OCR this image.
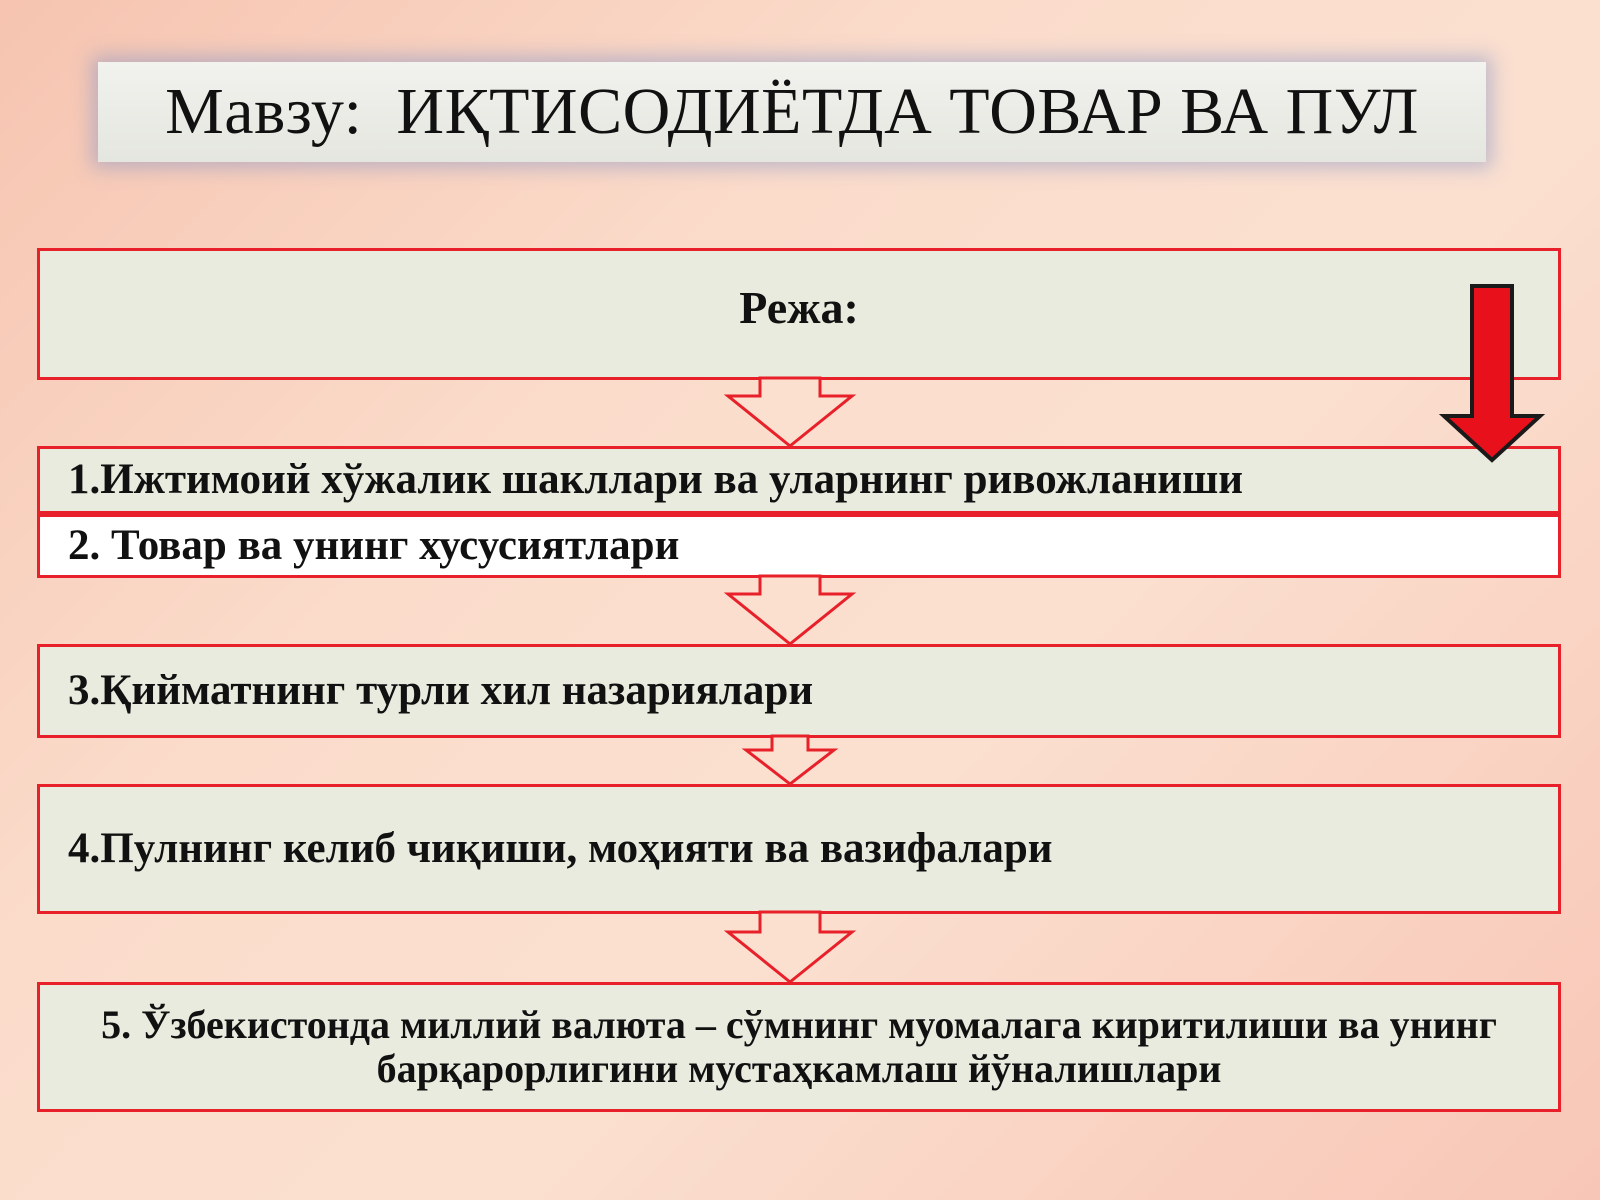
Мавзу:  ИҚТИСОДИЁТДА ТОВАР ВА ПУЛ
Режа:
1.Ижтимоий хўжалик шакллари ва уларнинг ривожланиши
2. Товар ва унинг хусусиятлари
3.Қийматнинг турли хил назариялари
4.Пулнинг келиб чиқиши, моҳияти ва вазифалари
5. Ўзбекистонда миллий валюта – сўмнинг муомалага киритилиши ва унинг барқарорлигини мустаҳкамлаш йўналишлари
